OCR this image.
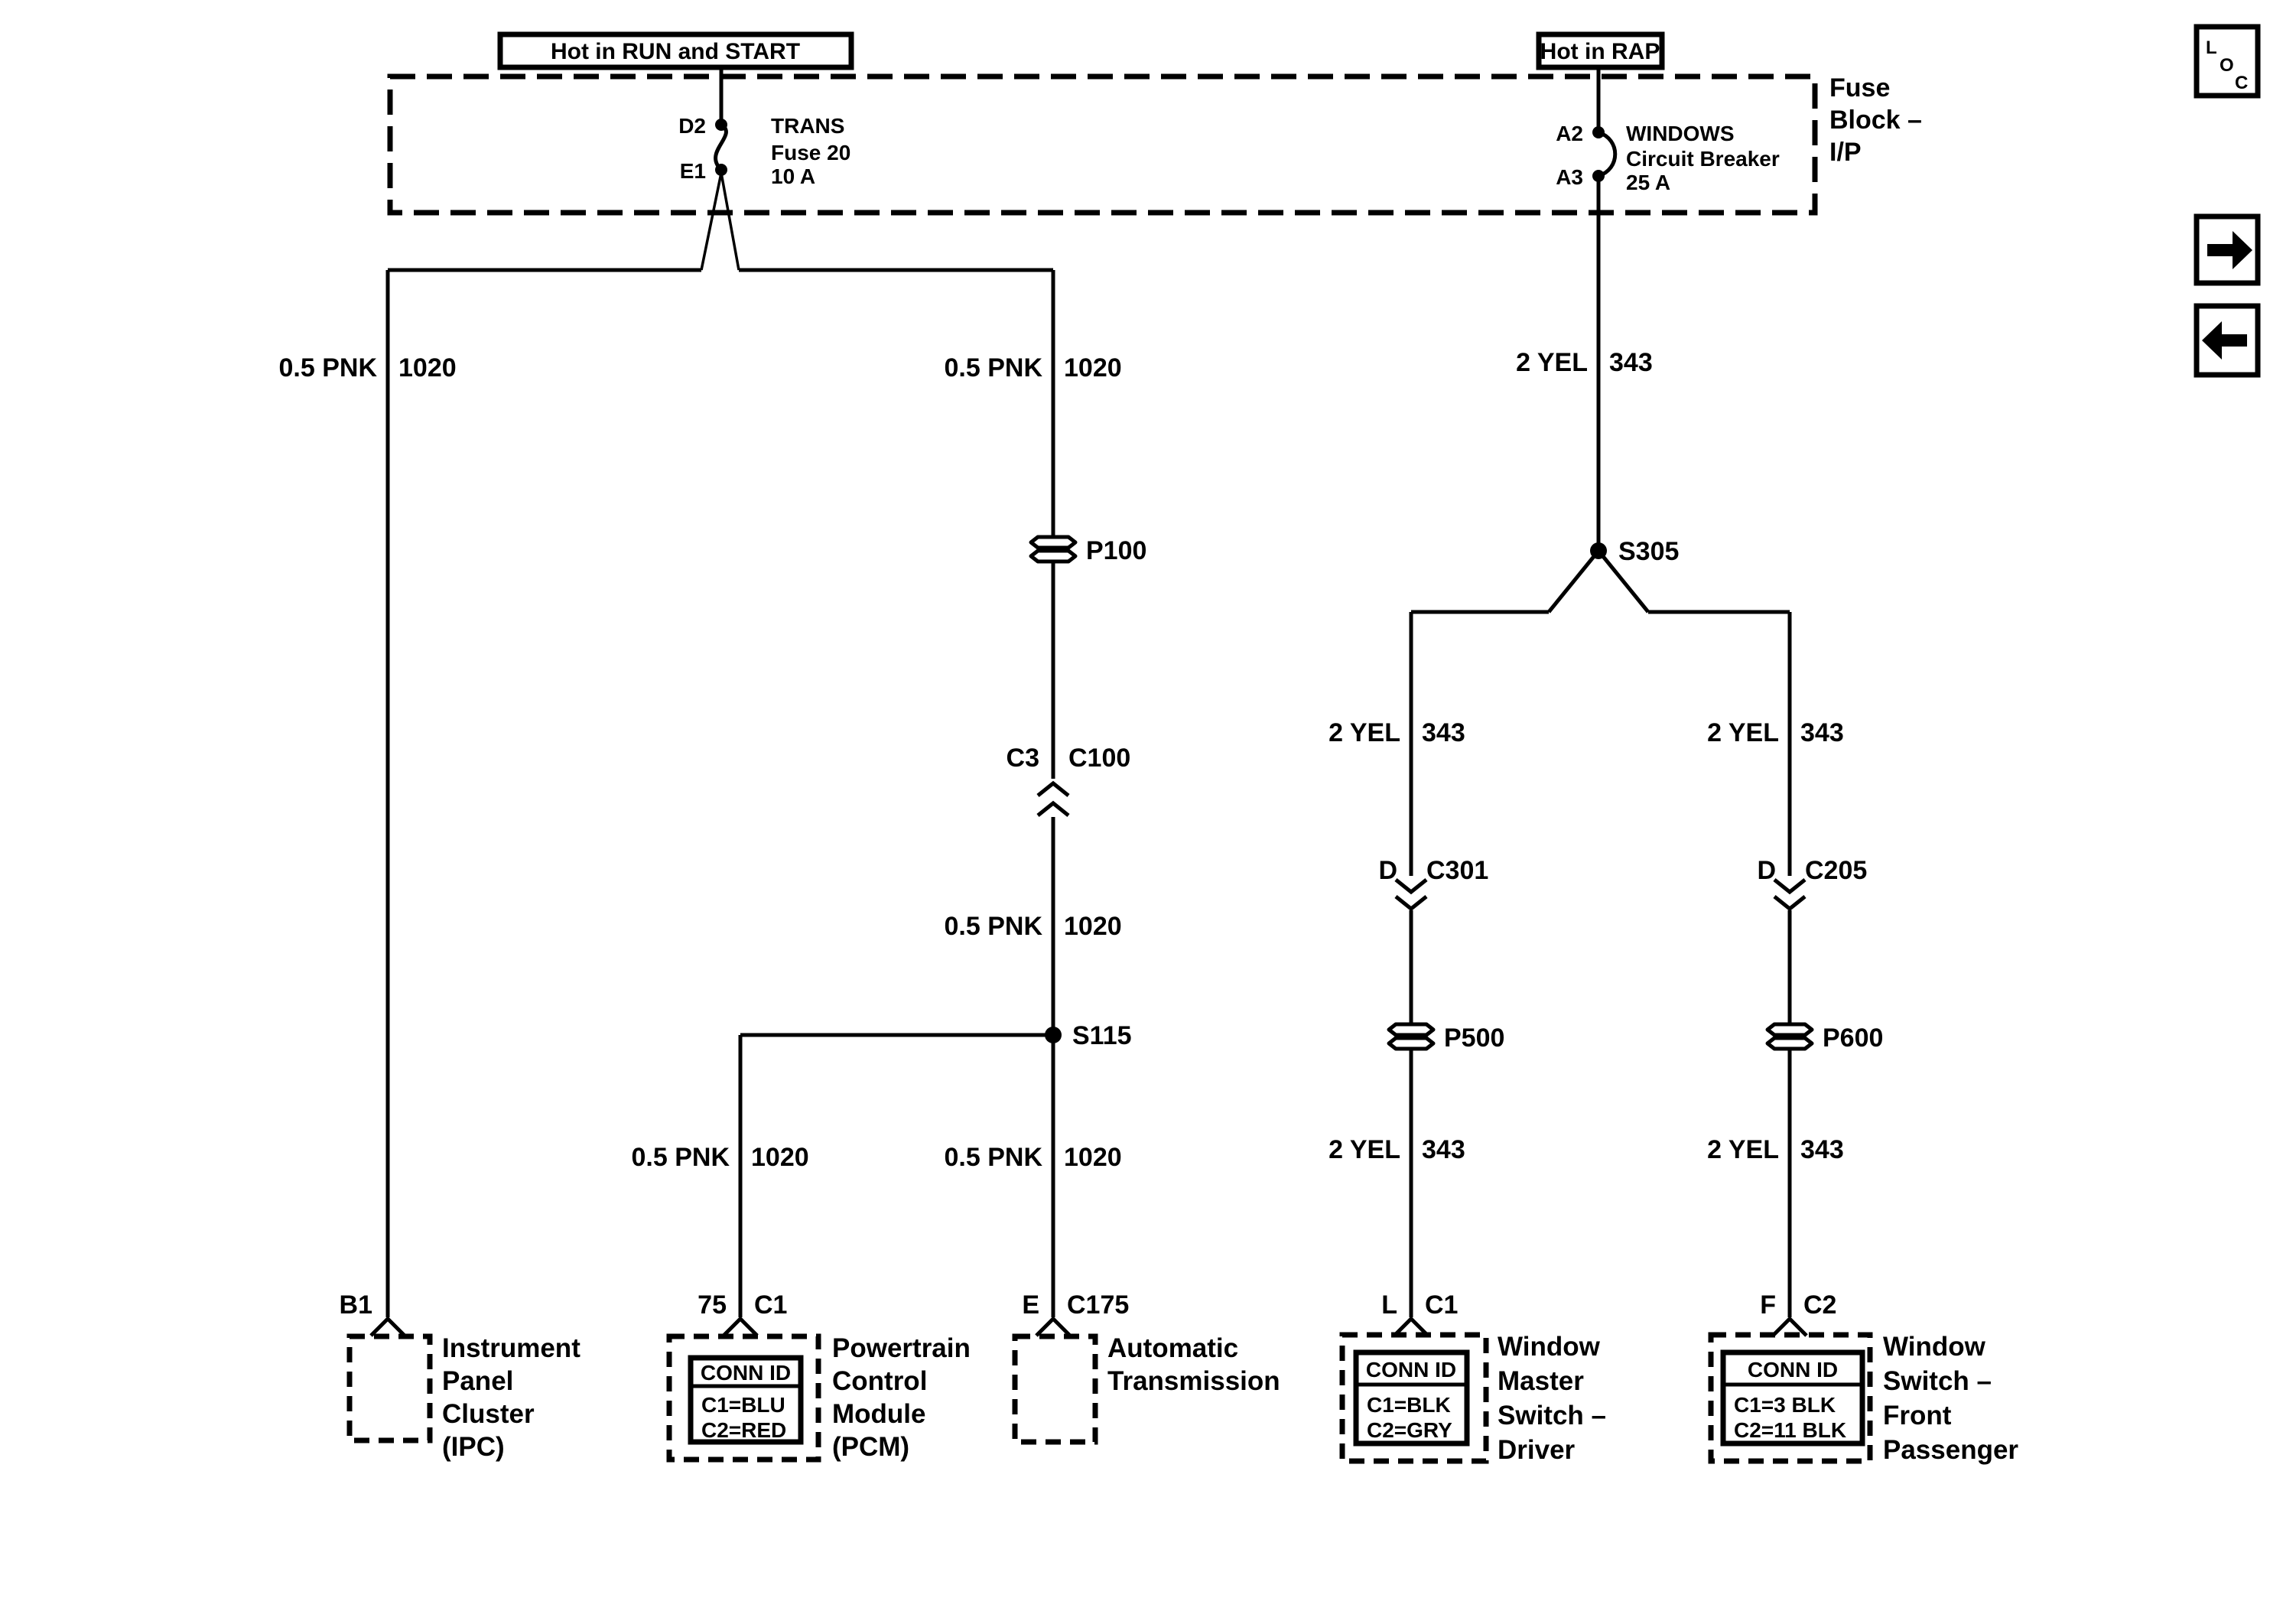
Hot in RUN and START	Hot in RAP
Fuse
Block –
I/P
D2
E1
TRANS
Fuse 20
10 A
A2
A3
WINDOWS
Circuit Breaker
25 A
S115
S305
P100
P500	P600
C3 C100
D C301	D C205
0.5 PNK 1020	0.5 PNK 1020
0.5 PNK 1020
0.5 PNK 1020	0.5 PNK 1020
2 YEL 343
2 YEL 343	2 YEL 343
2 YEL 343	2 YEL 343
B1
Instrument
Panel
Cluster
(IPC)
75 C1
CONN ID
C1=BLU
C2=RED
Powertrain
Control
Module
(PCM)
E C175
Automatic
Transmission
L C1
CONN ID
C1=BLK
C2=GRY
Window
Master
Switch –
Driver
F C2
CONN ID
C1=3 BLK
C2=11 BLK
Window
Switch –
Front
Passenger
L
O
C
